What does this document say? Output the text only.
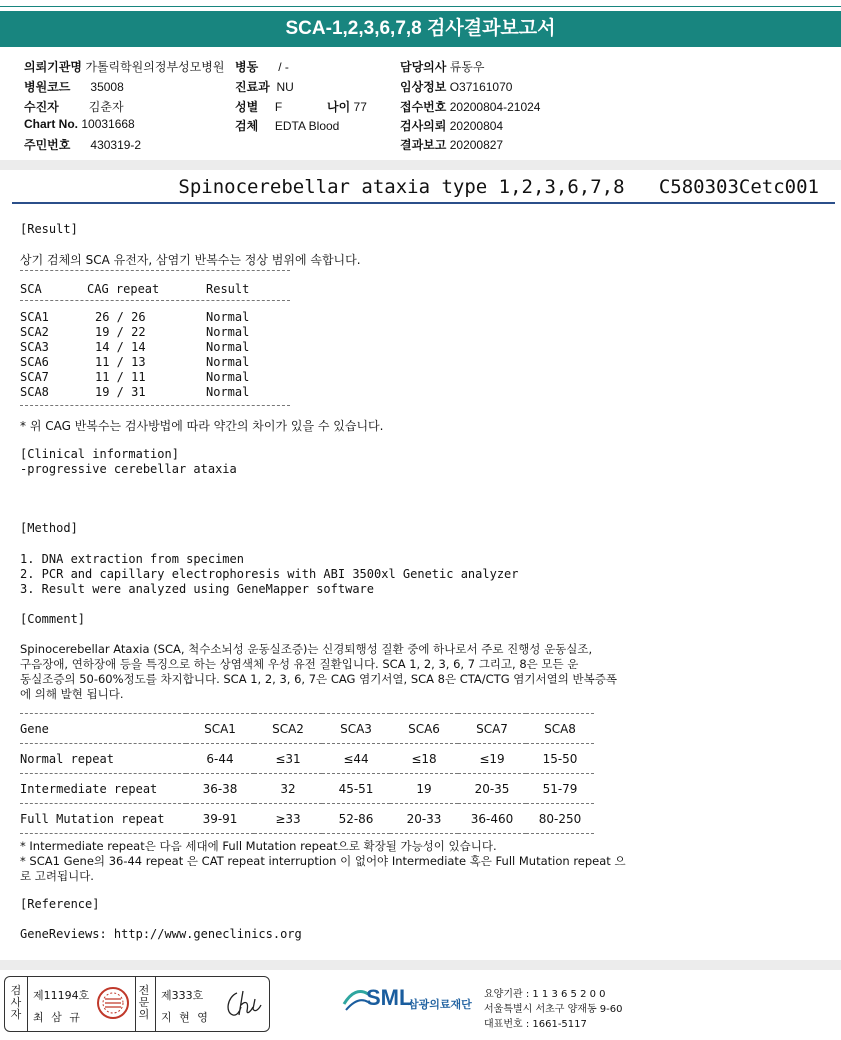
SCA-1,2,3,6,7,8 검사결과보고서
의뢰기관명 가톨릭학원의정부성모병원
병원코드 35008
수진자	김춘자
Chart No. 10031668
주민번호 430319-2
병동 / -
진료과 NU
성별 F	나이 77
검체 EDTA Blood
담당의사 류동우
임상정보 O37161070
접수번호 20200804-21024
검사의뢰 20200804
결과보고 20200827
Spinocerebellar ataxia type 1,2,3,6,7,8 C580303Cetc001
[Result]
상기 검체의 SCA 유전자, 삼염기 반복수는 정상 범위에 속합니다.
SCA	CAG repeat	Result
SCA1	26 / 26	Normal
SCA2	19 / 22	Normal
SCA3	14 / 14	Normal
SCA6	11 / 13	Normal
SCA7	11 / 11	Normal
SCA8	19 / 31	Normal
* 위 CAG 반복수는 검사방법에 따라 약간의 차이가 있을 수 있습니다.
[Clinical information]
-progressive cerebellar ataxia
[Method]
1. DNA extraction from specimen
2. PCR and capillary electrophoresis with ABI 3500xl Genetic analyzer
3. Result were analyzed using GeneMapper software
[Comment]
Spinocerebellar Ataxia (SCA, 척수소뇌성 운동실조증)는 신경퇴행성 질환 중에 하나로서 주로 진행성 운동실조,
구음장애, 연하장애 등을 특징으로 하는 상염색체 우성 유전 질환입니다. SCA 1, 2, 3, 6, 7 그리고, 8은 모든 운
동실조증의 50-60%정도를 차지합니다. SCA 1, 2, 3, 6, 7은 CAG 염기서열, SCA 8은 CTA/CTG 염기서열의 반복증폭
에 의해 발현 됩니다.
Gene	SCA1	SCA2	SCA3	SCA6	SCA7	SCA8
Normal repeat	6-44	≤31	≤44	≤18	≤19	15-50
Intermediate repeat	36-38	32	45-51	19	20-35	51-79
Full Mutation repeat	39-91	≥33	52-86	20-33	36-460	80-250
* Intermediate repeat은 다음 세대에 Full Mutation repeat으로 확장될 가능성이 있습니다.
* SCA1 Gene의 36-44 repeat 은 CAT repeat interruption 이 없어야 Intermediate 혹은 Full Mutation repeat 으
로 고려됩니다.
[Reference]
GeneReviews: http://www.geneclinics.org
검
사
자
제11194호
최 삼 규
전
문
의
제333호
지 현 영
SML
삼광의료재단
요양기관 : 1 1 3 6 5 2 0 0
서울특별시 서초구 양재동 9-60
대표번호 : 1661-5117
